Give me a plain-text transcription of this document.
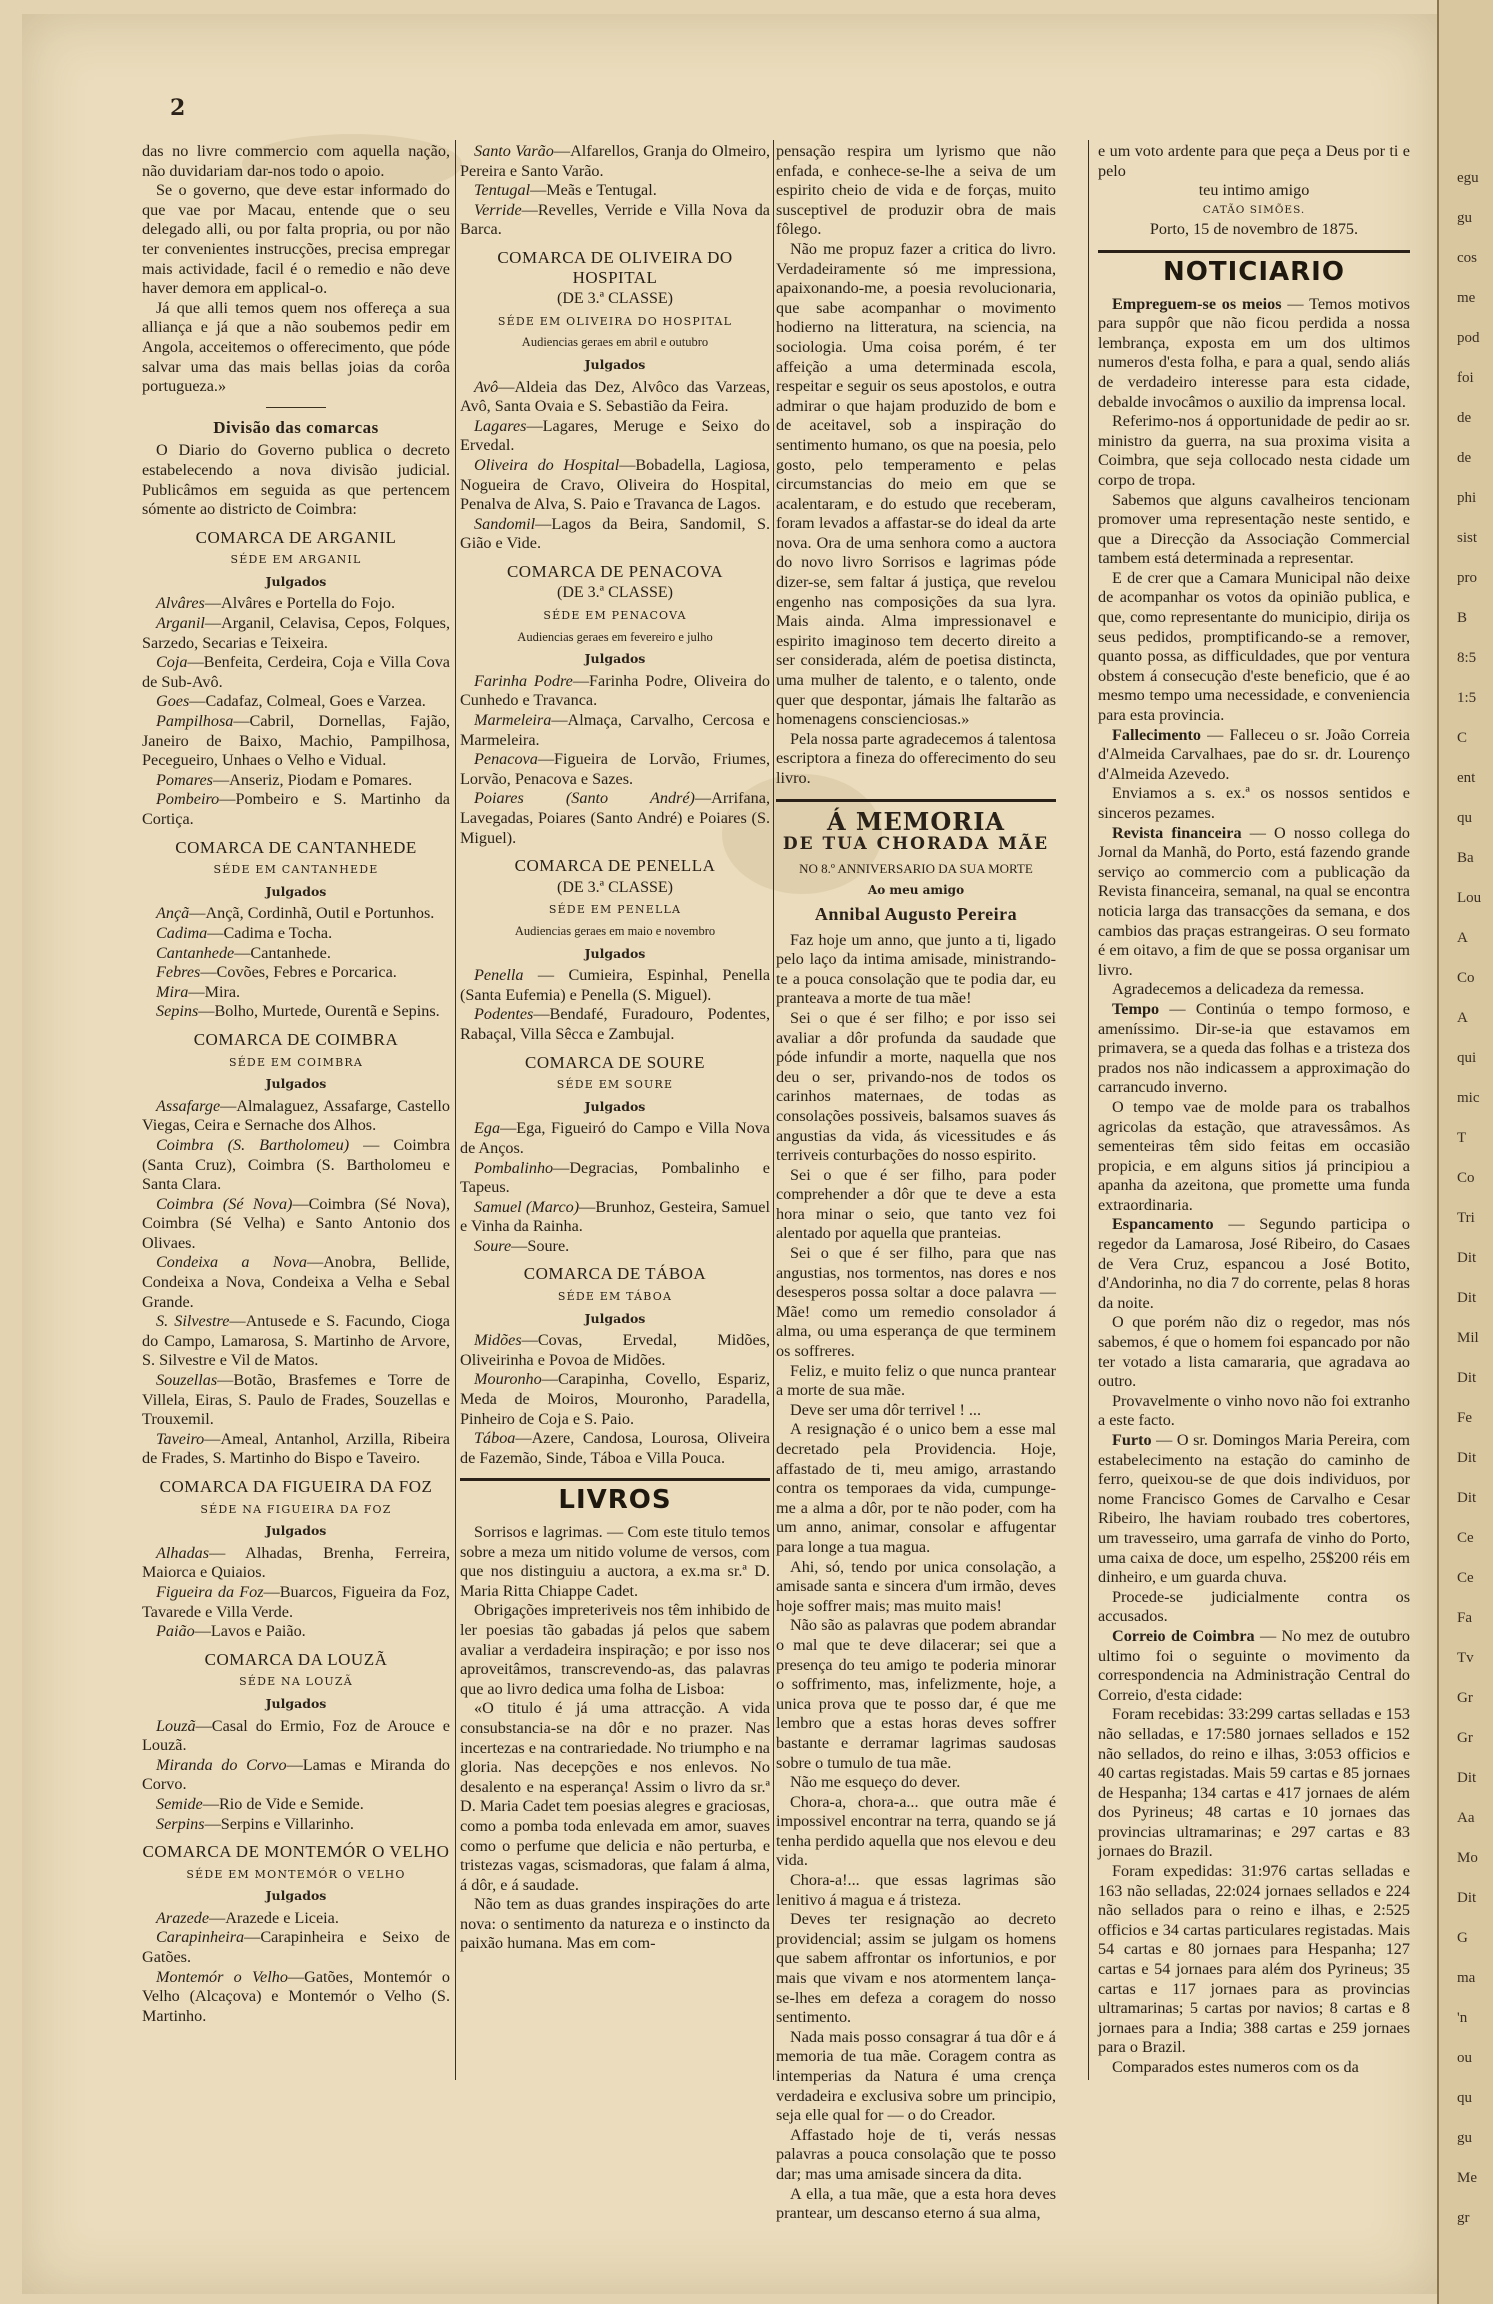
2

das no livre commercio com aquella nação, não duvidariam dar-nos todo o apoio.

Se o governo, que deve estar informado do que vae por Macau, entende que o seu delegado alli, ou por falta propria, ou por não ter convenientes instrucções, precisa empregar mais actividade, facil é o remedio e não deve haver demora em applical-o.

Já que alli temos quem nos offereça a sua alliança e já que a não soubemos pedir em Angola, acceitemos o offerecimento, que póde salvar uma das mais bellas joias da corôa portugueza.»

Divisão das comarcas

O Diario do Governo publica o decreto estabelecendo a nova divisão judicial. Publicâmos em seguida as que pertencem sómente ao districto de Coimbra:

COMARCA DE ARGANIL
SÉDE EM ARGANIL
Julgados

Alvâres—Alvâres e Portella do Fojo.

Arganil—Arganil, Celavisa, Cepos, Folques, Sarzedo, Secarias e Teixeira.

Coja—Benfeita, Cerdeira, Coja e Villa Cova de Sub-Avô.

Goes—Cadafaz, Colmeal, Goes e Varzea.

Pampilhosa—Cabril, Dornellas, Fajão, Janeiro de Baixo, Machio, Pampilhosa, Pecegueiro, Unhaes o Velho e Vidual.

Pomares—Anseriz, Piodam e Pomares.

Pombeiro—Pombeiro e S. Martinho da Cortiça.

COMARCA DE CANTANHEDE
SÉDE EM CANTANHEDE
Julgados

Ançã—Ançã, Cordinhã, Outil e Portunhos.

Cadima—Cadima e Tocha.

Cantanhede—Cantanhede.

Febres—Covões, Febres e Porcarica.

Mira—Mira.

Sepins—Bolho, Murtede, Ourentã e Sepins.

COMARCA DE COIMBRA
SÉDE EM COIMBRA
Julgados

Assafarge—Almalaguez, Assafarge, Castello Viegas, Ceira e Sernache dos Alhos.

Coimbra (S. Bartholomeu) — Coimbra (Santa Cruz), Coimbra (S. Bartholomeu e Santa Clara.

Coimbra (Sé Nova)—Coimbra (Sé Nova), Coimbra (Sé Velha) e Santo Antonio dos Olivaes.

Condeixa a Nova—Anobra, Bellide, Condeixa a Nova, Condeixa a Velha e Sebal Grande.

S. Silvestre—Antusede e S. Facundo, Cioga do Campo, Lamarosa, S. Martinho de Arvore, S. Silvestre e Vil de Matos.

Souzellas—Botão, Brasfemes e Torre de Villela, Eiras, S. Paulo de Frades, Souzellas e Trouxemil.

Taveiro—Ameal, Antanhol, Arzilla, Ribeira de Frades, S. Martinho do Bispo e Taveiro.

COMARCA DA FIGUEIRA DA FOZ
SÉDE NA FIGUEIRA DA FOZ
Julgados

Alhadas— Alhadas, Brenha, Ferreira, Maiorca e Quiaios.

Figueira da Foz—Buarcos, Figueira da Foz, Tavarede e Villa Verde.

Paião—Lavos e Paião.

COMARCA DA LOUZÃ
SÉDE NA LOUZÃ
Julgados

Louzã—Casal do Ermio, Foz de Arouce e Louzã.

Miranda do Corvo—Lamas e Miranda do Corvo.

Semide—Rio de Vide e Semide.

Serpins—Serpins e Villarinho.

COMARCA DE MONTEMÓR O VELHO
SÉDE EM MONTEMÓR O VELHO
Julgados

Arazede—Arazede e Liceia.

Carapinheira—Carapinheira e Seixo de Gatões.

Montemór o Velho—Gatões, Montemór o Velho (Alcaçova) e Montemór o Velho (S. Martinho.

Santo Varão—Alfarellos, Granja do Olmeiro, Pereira e Santo Varão.

Tentugal—Meãs e Tentugal.

Verride—Revelles, Verride e Villa Nova da Barca.

COMARCA DE OLIVEIRA DO HOSPITAL
(DE 3.ª CLASSE)
SÉDE EM OLIVEIRA DO HOSPITAL
Audiencias geraes em abril e outubro
Julgados

Avô—Aldeia das Dez, Alvôco das Varzeas, Avô, Santa Ovaia e S. Sebastião da Feira.

Lagares—Lagares, Meruge e Seixo do Ervedal.

Oliveira do Hospital—Bobadella, Lagiosa, Nogueira de Cravo, Oliveira do Hospital, Penalva de Alva, S. Paio e Travanca de Lagos.

Sandomil—Lagos da Beira, Sandomil, S. Gião e Vide.

COMARCA DE PENACOVA
(DE 3.ª CLASSE)
SÉDE EM PENACOVA
Audiencias geraes em fevereiro e julho
Julgados

Farinha Podre—Farinha Podre, Oliveira do Cunhedo e Travanca.

Marmeleira—Almaça, Carvalho, Cercosa e Marmeleira.

Penacova—Figueira de Lorvão, Friumes, Lorvão, Penacova e Sazes.

Poiares (Santo André)—Arrifana, Lavegadas, Poiares (Santo André) e Poiares (S. Miguel).

COMARCA DE PENELLA
(DE 3.ª CLASSE)
SÉDE EM PENELLA
Audiencias geraes em maio e novembro
Julgados

Penella — Cumieira, Espinhal, Penella (Santa Eufemia) e Penella (S. Miguel).

Podentes—Bendafé, Furadouro, Podentes, Rabaçal, Villa Sêcca e Zambujal.

COMARCA DE SOURE
SÉDE EM SOURE
Julgados

Ega—Ega, Figueiró do Campo e Villa Nova de Anços.

Pombalinho—Degracias, Pombalinho e Tapeus.

Samuel (Marco)—Brunhoz, Gesteira, Samuel e Vinha da Rainha.

Soure—Soure.

COMARCA DE TÁBOA
SÉDE EM TÁBOA
Julgados

Midões—Covas, Ervedal, Midões, Oliveirinha e Povoa de Midões.

Mouronho—Carapinha, Covello, Espariz, Meda de Moiros, Mouronho, Paradella, Pinheiro de Coja e S. Paio.

Táboa—Azere, Candosa, Lourosa, Oliveira de Fazemão, Sinde, Táboa e Villa Pouca.

LIVROS

Sorrisos e lagrimas. — Com este titulo temos sobre a meza um nitido volume de versos, com que nos distinguiu a auctora, a ex.ma sr.ª D. Maria Ritta Chiappe Cadet.

Obrigações impreteriveis nos têm inhibido de ler poesias tão gabadas já pelos que sabem avaliar a verdadeira inspiração; e por isso nos aproveitâmos, transcrevendo-as, das palavras que ao livro dedica uma folha de Lisboa:

«O titulo é já uma attracção. A vida consubstancia-se na dôr e no prazer. Nas incertezas e na contrariedade. No triumpho e na gloria. Nas decepções e nos enlevos. No desalento e na esperança! Assim o livro da sr.ª D. Maria Cadet tem poesias alegres e graciosas, como a pomba toda enlevada em amor, suaves como o perfume que delicia e não perturba, e tristezas vagas, scismadoras, que falam á alma, á dôr, e á saudade.

Não tem as duas grandes inspirações do arte nova: o sentimento da natureza e o instincto da paixão humana. Mas em com-

pensação respira um lyrismo que não enfada, e conhece-se-lhe a seiva de um espirito cheio de vida e de forças, muito susceptivel de produzir obra de mais fôlego.

Não me propuz fazer a critica do livro. Verdadeiramente só me impressiona, apaixonando-me, a poesia revolucionaria, que sabe acompanhar o movimento hodierno na litteratura, na sciencia, na sociologia. Uma coisa porém, é ter affeição a uma determinada escola, respeitar e seguir os seus apostolos, e outra admirar o que hajam produzido de bom e de aceitavel, sob a inspiração do sentimento humano, os que na poesia, pelo gosto, pelo temperamento e pelas circumstancias do meio em que se acalentaram, e do estudo que receberam, foram levados a affastar-se do ideal da arte nova. Ora de uma senhora como a auctora do novo livro Sorrisos e lagrimas póde dizer-se, sem faltar á justiça, que revelou engenho nas composições da sua lyra. Mais ainda. Alma impressionavel e espirito imaginoso tem decerto direito a ser considerada, além de poetisa distincta, uma mulher de talento, e o talento, onde quer que despontar, jámais lhe faltarão as homenagens conscienciosas.»

Pela nossa parte agradecemos á talentosa escriptora a fineza do offerecimento do seu livro.

Á MEMORIA
DE TUA CHORADA MÃE
NO 8.º ANNIVERSARIO DA SUA MORTE
Ao meu amigo
Annibal Augusto Pereira

Faz hoje um anno, que junto a ti, ligado pelo laço da intima amisade, ministrando-te a pouca consolação que te podia dar, eu pranteava a morte de tua mãe!

Sei o que é ser filho; e por isso sei avaliar a dôr profunda da saudade que póde infundir a morte, naquella que nos deu o ser, privando-nos de todos os carinhos maternaes, de todas as consolações possiveis, balsamos suaves ás angustias da vida, ás vicessitudes e ás terriveis conturbações do nosso espirito.

Sei o que é ser filho, para poder comprehender a dôr que te deve a esta hora minar o seio, que tanto vez foi alentado por aquella que pranteias.

Sei o que é ser filho, para que nas angustias, nos tormentos, nas dores e nos desesperos possa soltar a doce palavra — Mãe! como um remedio consolador á alma, ou uma esperança de que terminem os soffreres.

Feliz, e muito feliz o que nunca prantear a morte de sua mãe.

Deve ser uma dôr terrivel ! ...

A resignação é o unico bem a esse mal decretado pela Providencia. Hoje, affastado de ti, meu amigo, arrastando contra os temporaes da vida, cumpunge-me a alma a dôr, por te não poder, com ha um anno, animar, consolar e affugentar para longe a tua magua.

Ahi, só, tendo por unica consolação, a amisade santa e sincera d'um irmão, deves hoje soffrer mais; mas muito mais!

Não são as palavras que podem abrandar o mal que te deve dilacerar; sei que a presença do teu amigo te poderia minorar o soffrimento, mas, infelizmente, hoje, a unica prova que te posso dar, é que me lembro que a estas horas deves soffrer bastante e derramar lagrimas saudosas sobre o tumulo de tua mãe.

Não me esqueço do dever.

Chora-a, chora-a... que outra mãe é impossivel encontrar na terra, quando se já tenha perdido aquella que nos elevou e deu vida.

Chora-a!... que essas lagrimas são lenitivo á magua e á tristeza.

Deves ter resignação ao decreto providencial; assim se julgam os homens que sabem affrontar os infortunios, e por mais que vivam e nos atormentem lança-se-lhes em defeza a coragem do nosso sentimento.

Nada mais posso consagrar á tua dôr e á memoria de tua mãe. Coragem contra as intemperias da Natura é uma crença verdadeira e exclusiva sobre um principio, seja elle qual for — o do Creador.

Affastado hoje de ti, verás nessas palavras a pouca consolação que te posso dar; mas uma amisade sincera da dita.

A ella, a tua mãe, que a esta hora deves prantear, um descanso eterno á sua alma,

e um voto ardente para que peça a Deus por ti e pelo

teu intimo amigo

CATÃO SIMÕES.

Porto, 15 de novembro de 1875.

NOTICIARIO

Empreguem-se os meios — Temos motivos para suppôr que não ficou perdida a nossa lembrança, exposta em um dos ultimos numeros d'esta folha, e para a qual, sendo aliás de verdadeiro interesse para esta cidade, debalde invocâmos o auxilio da imprensa local.

Referimo-nos á opportunidade de pedir ao sr. ministro da guerra, na sua proxima visita a Coimbra, que seja collocado nesta cidade um corpo de tropa.

Sabemos que alguns cavalheiros tencionam promover uma representação neste sentido, e que a Direcção da Associação Commercial tambem está determinada a representar.

E de crer que a Camara Municipal não deixe de acompanhar os votos da opinião publica, e que, como representante do municipio, dirija os seus pedidos, promptificando-se a remover, quanto possa, as difficuldades, que por ventura obstem á consecução d'este beneficio, que é ao mesmo tempo uma necessidade, e conveniencia para esta provincia.

Fallecimento — Falleceu o sr. João Correia d'Almeida Carvalhaes, pae do sr. dr. Lourenço d'Almeida Azevedo.

Enviamos a s. ex.ª os nossos sentidos e sinceros pezames.

Revista financeira — O nosso collega do Jornal da Manhã, do Porto, está fazendo grande serviço ao commercio com a publicação da Revista financeira, semanal, na qual se encontra noticia larga das transacções da semana, e dos cambios das praças estrangeiras. O seu formato é em oitavo, a fim de que se possa organisar um livro.

Agradecemos a delicadeza da remessa.

Tempo — Continúa o tempo formoso, e ameníssimo. Dir-se-ia que estavamos em primavera, se a queda das folhas e a tristeza dos prados nos não indicassem a approximação do carrancudo inverno.

O tempo vae de molde para os trabalhos agricolas da estação, que atravessâmos. As sementeiras têm sido feitas em occasião propicia, e em alguns sitios já principiou a apanha da azeitona, que promette uma funda extraordinaria.

Espancamento — Segundo participa o regedor da Lamarosa, José Ribeiro, do Casaes de Vera Cruz, espancou a José Botito, d'Andorinha, no dia 7 do corrente, pelas 8 horas da noite.

O que porém não diz o regedor, mas nós sabemos, é que o homem foi espancado por não ter votado a lista camararia, que agradava ao outro.

Provavelmente o vinho novo não foi extranho a este facto.

Furto — O sr. Domingos Maria Pereira, com estabelecimento na estação do caminho de ferro, queixou-se de que dois individuos, por nome Francisco Gomes de Carvalho e Cesar Ribeiro, lhe haviam roubado tres cobertores, um travesseiro, uma garrafa de vinho do Porto, uma caixa de doce, um espelho, 25$200 réis em dinheiro, e um guarda chuva.

Procede-se judicialmente contra os accusados.

Correio de Coimbra — No mez de outubro ultimo foi o seguinte o movimento da correspondencia na Administração Central do Correio, d'esta cidade:

Foram recebidas: 33:299 cartas selladas e 153 não selladas, e 17:580 jornaes sellados e 152 não sellados, do reino e ilhas, 3:053 officios e 40 cartas registadas. Mais 59 cartas e 85 jornaes de Hespanha; 134 cartas e 417 jornaes de além dos Pyrineus; 48 cartas e 10 jornaes das provincias ultramarinas; e 297 cartas e 83 jornaes do Brazil.

Foram expedidas: 31:976 cartas selladas e 163 não selladas, 22:024 jornaes sellados e 224 não sellados para o reino e ilhas, e 2:525 officios e 34 cartas particulares registadas. Mais 54 cartas e 80 jornaes para Hespanha; 127 cartas e 54 jornaes para além dos Pyrineus; 35 cartas e 117 jornaes para as provincias ultramarinas; 5 cartas por navios; 8 cartas e 8 jornaes para a India; 388 cartas e 259 jornaes para o Brazil.

Comparados estes numeros com os da

egu
gu
cos
me
pod
foi
de
de
phi
sist
pro
B
8:5
1:5
C
ent
qu
Ba
Lou
A
Co
A
qui
mic
T
Co
Tri
Dit
Dit
Mil
Dit
Fe
Dit
Dit
Ce
Ce
Fa
Tv
Gr
Gr
Dit
Aa
Mo
Dit
G
ma
'n
ou
qu
gu
Me
gr
